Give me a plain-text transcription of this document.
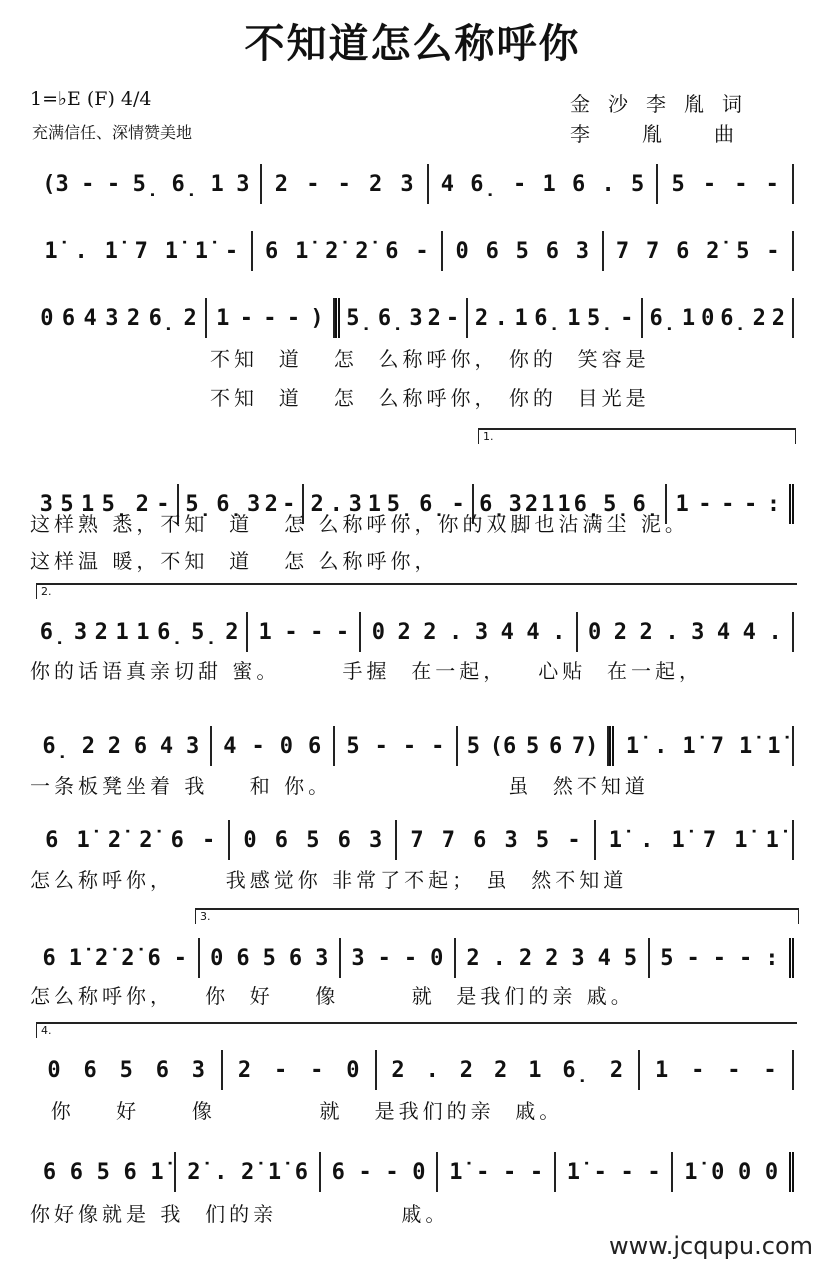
不知道怎么称呼你
1=♭E (F) 4/4
充满信任、深情赞美地
金沙李胤词
李胤曲
1.
2.
3.
4.
(3 - - 5̣ 6̣ 1 3 2 - - 2 3 4 6̣ - 1 6 . 5 5 - - -
1̇ . 1̇ 7 1̇ 1̇ - 6 1̇ 2̇ 2̇ 6 - 0 6 5 6 3 7 7 6 2̇ 5 -
0 6 4 3 2 6̣ 2 1 - - - ) 5̣ 6̣ 3 2 - 2 . 1 6̣ 1 5̣ - 6̣ 1 0 6̣ 2 2
不知  道   怎  么称呼你， 你的  笑容是
不知  道   怎  么称呼你， 你的  目光是
3 5 1 5̣ 2 - 5̣ 6̣ 3 2 - 2 . 3 1 5̣ 6̣ - 6̣ 3 2 1 1 6̣ 5̣ 6̣ 1 - - - :
这样熟 悉，不知  道   怎 么称呼你，你的双脚也沾满尘 泥。
这样温 暖，不知  道   怎 么称呼你，
6̣ 3 2 1 1 6̣ 5̣ 2 1 - - - 0 2 2 . 3 4 4 . 0 2 2 . 3 4 4 .
你的话语真亲切甜 蜜。      手握  在一起，   心贴  在一起，
6̣ 2 2 6 4 3 4 - 0 6 5 - - - 5 (6 5 6 7) 1̇ . 1̇ 7 1̇ 1̇
一条板凳坐着 我    和 你。                 虽  然不知道
6 1̇ 2̇ 2̇ 6 - 0 6 5 6 3 7 7 6 3 5 - 1̇ . 1̇ 7 1̇ 1̇
怎么称呼你，     我感觉你 非常了不起； 虽  然不知道
6 1̇ 2̇ 2̇ 6 - 0 6 5 6 3 3 - - 0 2 . 2 2 3 4 5 5 - - - :
怎么称呼你，   你  好    像       就  是我们的亲 戚。
0 6 5 6 3 2 - - 0 2 . 2 2 1 6̣ 2 1 - - -
你    好     像          就   是我们的亲  戚。
6 6 5 6 1̇ 2̇ . 2̇ 1̇ 6 6 - - 0 1̇ - - - 1̇ - - - 1̇ 0 0 0
你好像就是 我  们的亲            戚。
www.jcqupu.com
